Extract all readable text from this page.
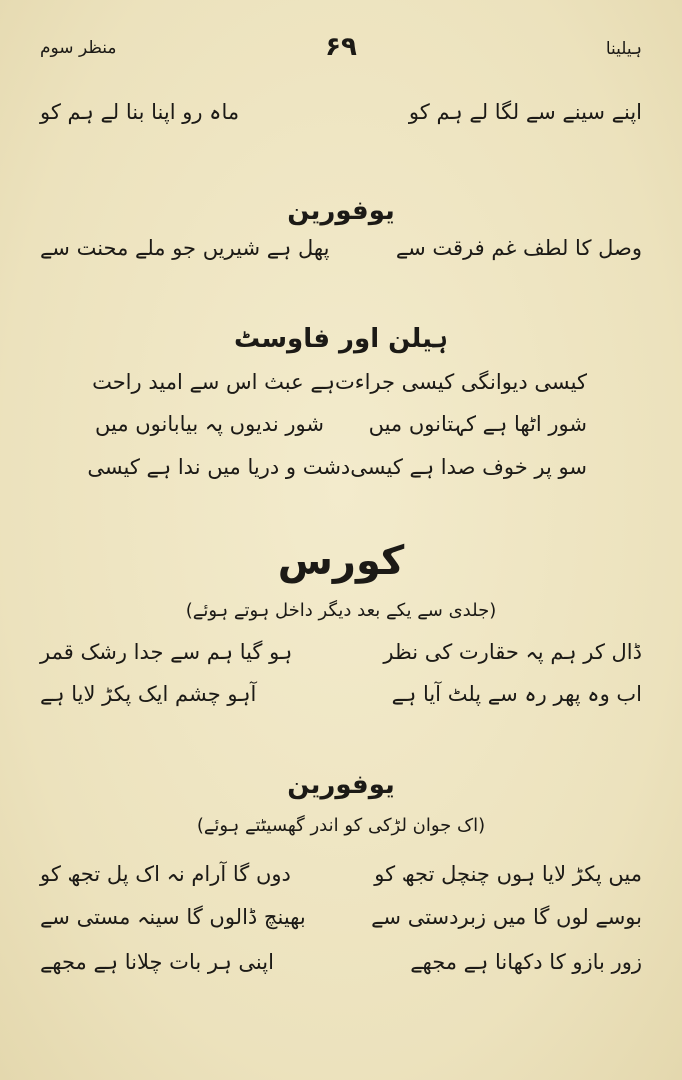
منظر سوم	۶۹	ہیلینا
اپنے سینے سے لگا لے ہم کو
ماہ رو اپنا بنا لے ہم کو
یوفورین
وصل کا لطف غم فرقت سے
پھل ہے شیریں جو ملے محنت سے
ہیلن اور فاوسٹ
کیسی دیوانگی کیسی جراءت
ہے عبث اس سے امید راحت
شور اٹھا ہے کہتانوں میں
شور ندیوں پہ بیابانوں میں
سو پر خوف صدا ہے کیسی
دشت و دریا میں ندا ہے کیسی
کورس
(جلدی سے یکے بعد دیگر داخل ہوتے ہوئے)
ڈال کر ہم پہ حقارت کی نظر
ہو گیا ہم سے جدا رشک قمر
اب وہ پھر رہ سے پلٹ آیا ہے
آہو چشم ایک پکڑ لایا ہے
یوفورین
(اک جوان لڑکی کو اندر گھسیٹتے ہوئے)
میں پکڑ لایا ہوں چنچل تجھ کو
دوں گا آرام نہ اک پل تجھ کو
بوسے لوں گا میں زبردستی سے
بھینچ ڈالوں گا سینہ مستی سے
زور بازو کا دکھانا ہے مجھے
اپنی ہر بات چلانا ہے مجھے
